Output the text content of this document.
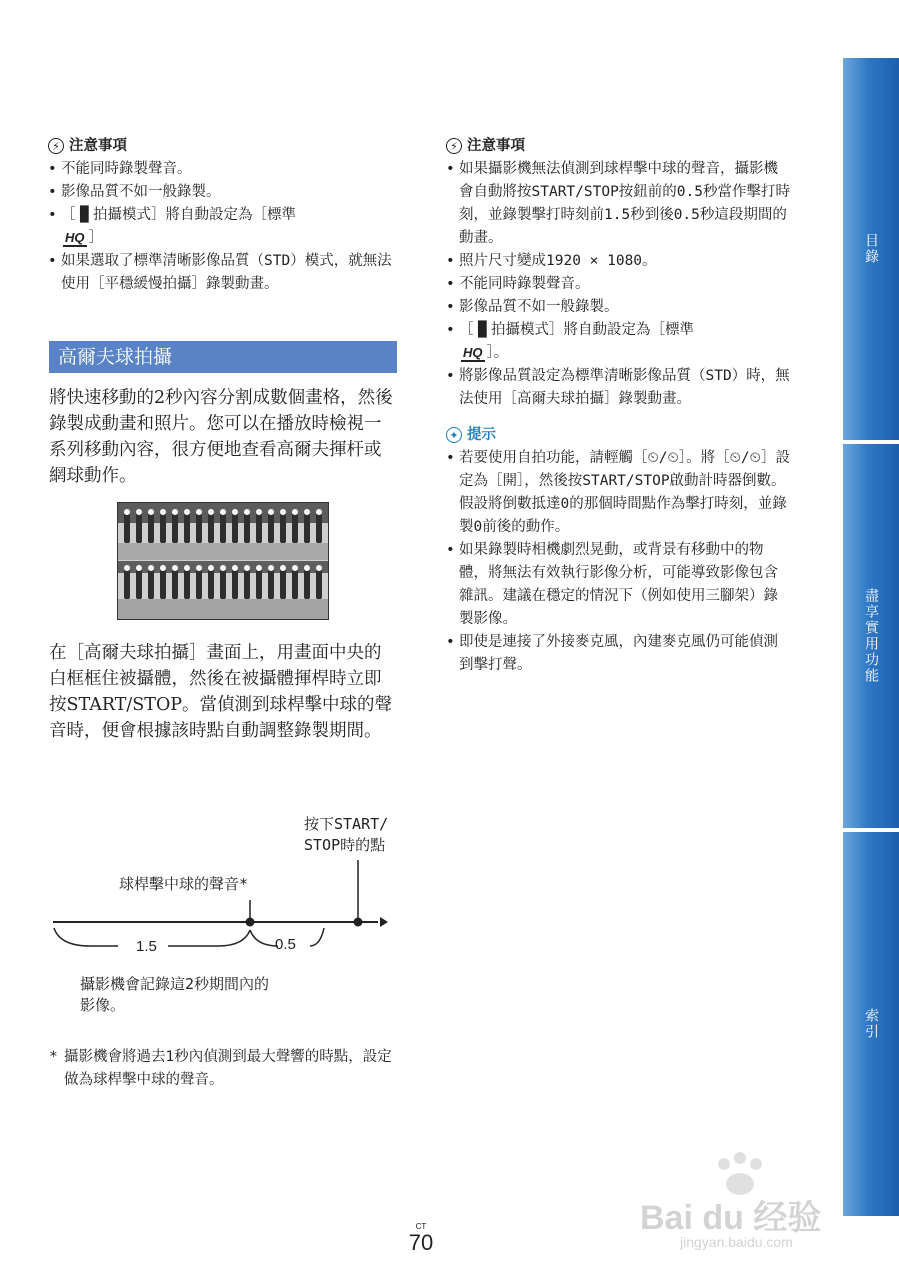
⚡ 注意事項
• 不能同時錄製聲音。
• 影像品質不如一般錄製。
• ［▐▌拍攝模式］將自動設定為［標準
HQ ］
• 如果選取了標準清晰影像品質（STD）模式，就無法使用［平穩緩慢拍攝］錄製動畫。
高爾夫球拍攝

將快速移動的2秒內容分割成數個畫格，然後錄製成動畫和照片。您可以在播放時檢視一系列移動內容，很方便地查看高爾夫揮杆或網球動作。

在［高爾夫球拍攝］畫面上，用畫面中央的白框框住被攝體，然後在被攝體揮桿時立即按START/STOP。當偵測到球桿擊中球的聲音時，便會根據該時點自動調整錄製期間。

按下START/
STOP時的點

球桿擊中球的聲音*

1.5	0.5

攝影機會記錄這2秒期間內的
影像。

* 攝影機會將過去1秒內偵測到最大聲響的時點，設定做為球桿擊中球的聲音。

⚡ 注意事項
• 如果攝影機無法偵測到球桿擊中球的聲音，攝影機會自動將按START/STOP按鈕前的0.5秒當作擊打時刻，並錄製擊打時刻前1.5秒到後0.5秒這段期間的動畫。
• 照片尺寸變成1920 × 1080。
• 不能同時錄製聲音。
• 影像品質不如一般錄製。
• ［▐▌拍攝模式］將自動設定為［標準
HQ ］。
• 將影像品質設定為標準清晰影像品質（STD）時，無法使用［高爾夫球拍攝］錄製動畫。
✦ 提示
• 若要使用自拍功能，請輕觸［⏲/⏲］。將［⏲/⏲］設定為［開］，然後按START/STOP啟動計時器倒數。假設將倒數抵達0的那個時間點作為擊打時刻，並錄製0前後的動作。
• 如果錄製時相機劇烈晃動，或背景有移動中的物體，將無法有效執行影像分析，可能導致影像包含雜訊。建議在穩定的情況下（例如使用三腳架）錄製影像。
• 即使是連接了外接麥克風，內建麥克風仍可能偵測到擊打聲。
目錄
盡享實用功能
索引
CT
70

Bai du 经验

jingyan.baidu.com
